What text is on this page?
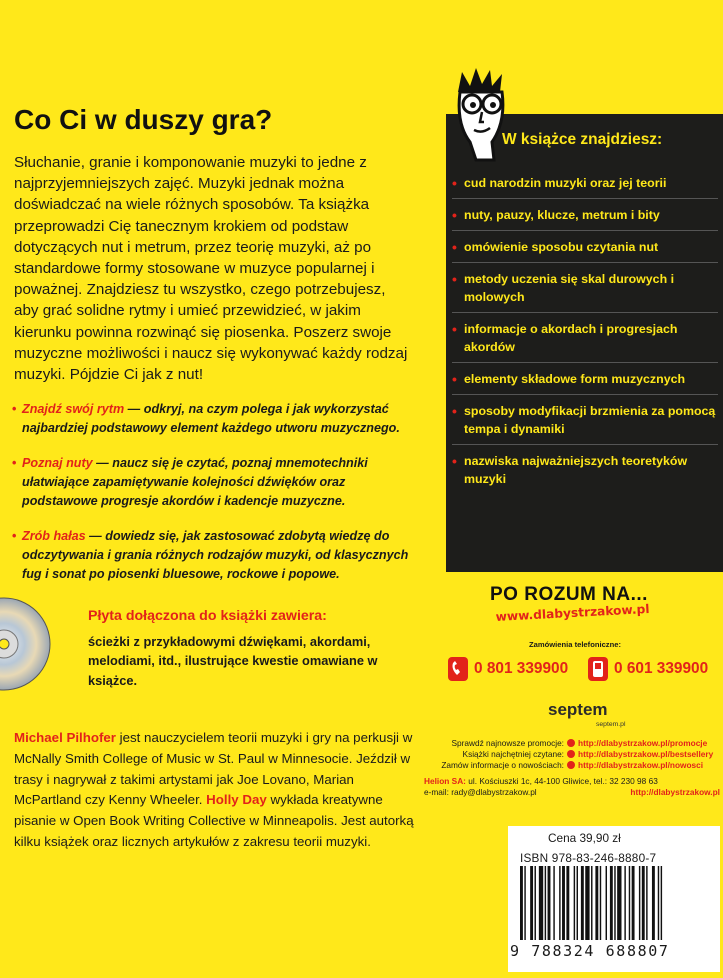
Co Ci w duszy gra?

Słuchanie, granie i komponowanie muzyki to jedne z najprzyjemniejszych zajęć. Muzyki jednak można doświadczać na wiele różnych sposobów. Ta książka przeprowadzi Cię tanecznym krokiem od podstaw dotyczących nut i metrum, przez teorię muzyki, aż po standardowe formy stosowane w muzyce popularnej i poważnej. Znajdziesz tu wszystko, czego potrzebujesz, aby grać solidne rytmy i umieć przewidzieć, w jakim kierunku powinna rozwinąć się piosenka. Poszerz swoje muzyczne możliwości i naucz się wykonywać każdy rodzaj muzyki. Pójdzie Ci jak z nut!

• Znajdź swój rytm — odkryj, na czym polega i jak wykorzystać najbardziej podstawowy element każdego utworu muzycznego.
• Poznaj nuty — naucz się je czytać, poznaj mnemotechniki ułatwiające zapamiętywanie kolejności dźwięków oraz podstawowe progresje akordów i kadencje muzyczne.
• Zrób hałas — dowiedz się, jak zastosować zdobytą wiedzę do odczytywania i grania różnych rodzajów muzyki, od klasycznych fug i sonat po piosenki bluesowe, rockowe i popowe.
Płyta dołączona do książki zawiera:

ścieżki z przykładowymi dźwiękami, akordami, melodiami, itd., ilustrujące kwestie omawiane w książce.

Michael Pilhofer jest nauczycielem teorii muzyki i gry na perkusji w McNally Smith College of Music w St. Paul w Minnesocie. Jeździł w trasy i nagrywał z takimi artystami jak Joe Lovano, Marian McPartland czy Kenny Wheeler. Holly Day wykłada kreatywne pisanie w Open Book Writing Collective w Minneapolis. Jest autorką kilku książek oraz licznych artykułów z zakresu teorii muzyki.

W książce znajdziesz:
• cud narodzin muzyki oraz jej teorii
• nuty, pauzy, klucze, metrum i bity
• omówienie sposobu czytania nut
• metody uczenia się skal durowych i molowych
• informacje o akordach i progresjach akordów
• elementy składowe form muzycznych
• sposoby modyfikacji brzmienia za pomocą tempa i dynamiki
• nazwiska najważniejszych teoretyków muzyki
PO ROZUM NA...
www.dlabystrzakow.pl
Zamówienia telefoniczne:
0 801 339900	0 601 339900
septem
septem.pl
Sprawdź najnowsze promocje: http://dlabystrzakow.pl/promocje
Książki najchętniej czytane: http://dlabystrzakow.pl/bestsellery
Zamów informacje o nowościach: http://dlabystrzakow.pl/nowosci
Helion SA: ul. Kościuszki 1c, 44-100 Gliwice, tel.: 32 230 98 63
e-mail: rady@dlabystrzakow.pl	http://dlabystrzakow.pl
Cena 39,90 zł
ISBN 978-83-246-8880-7
9 788324 688807
